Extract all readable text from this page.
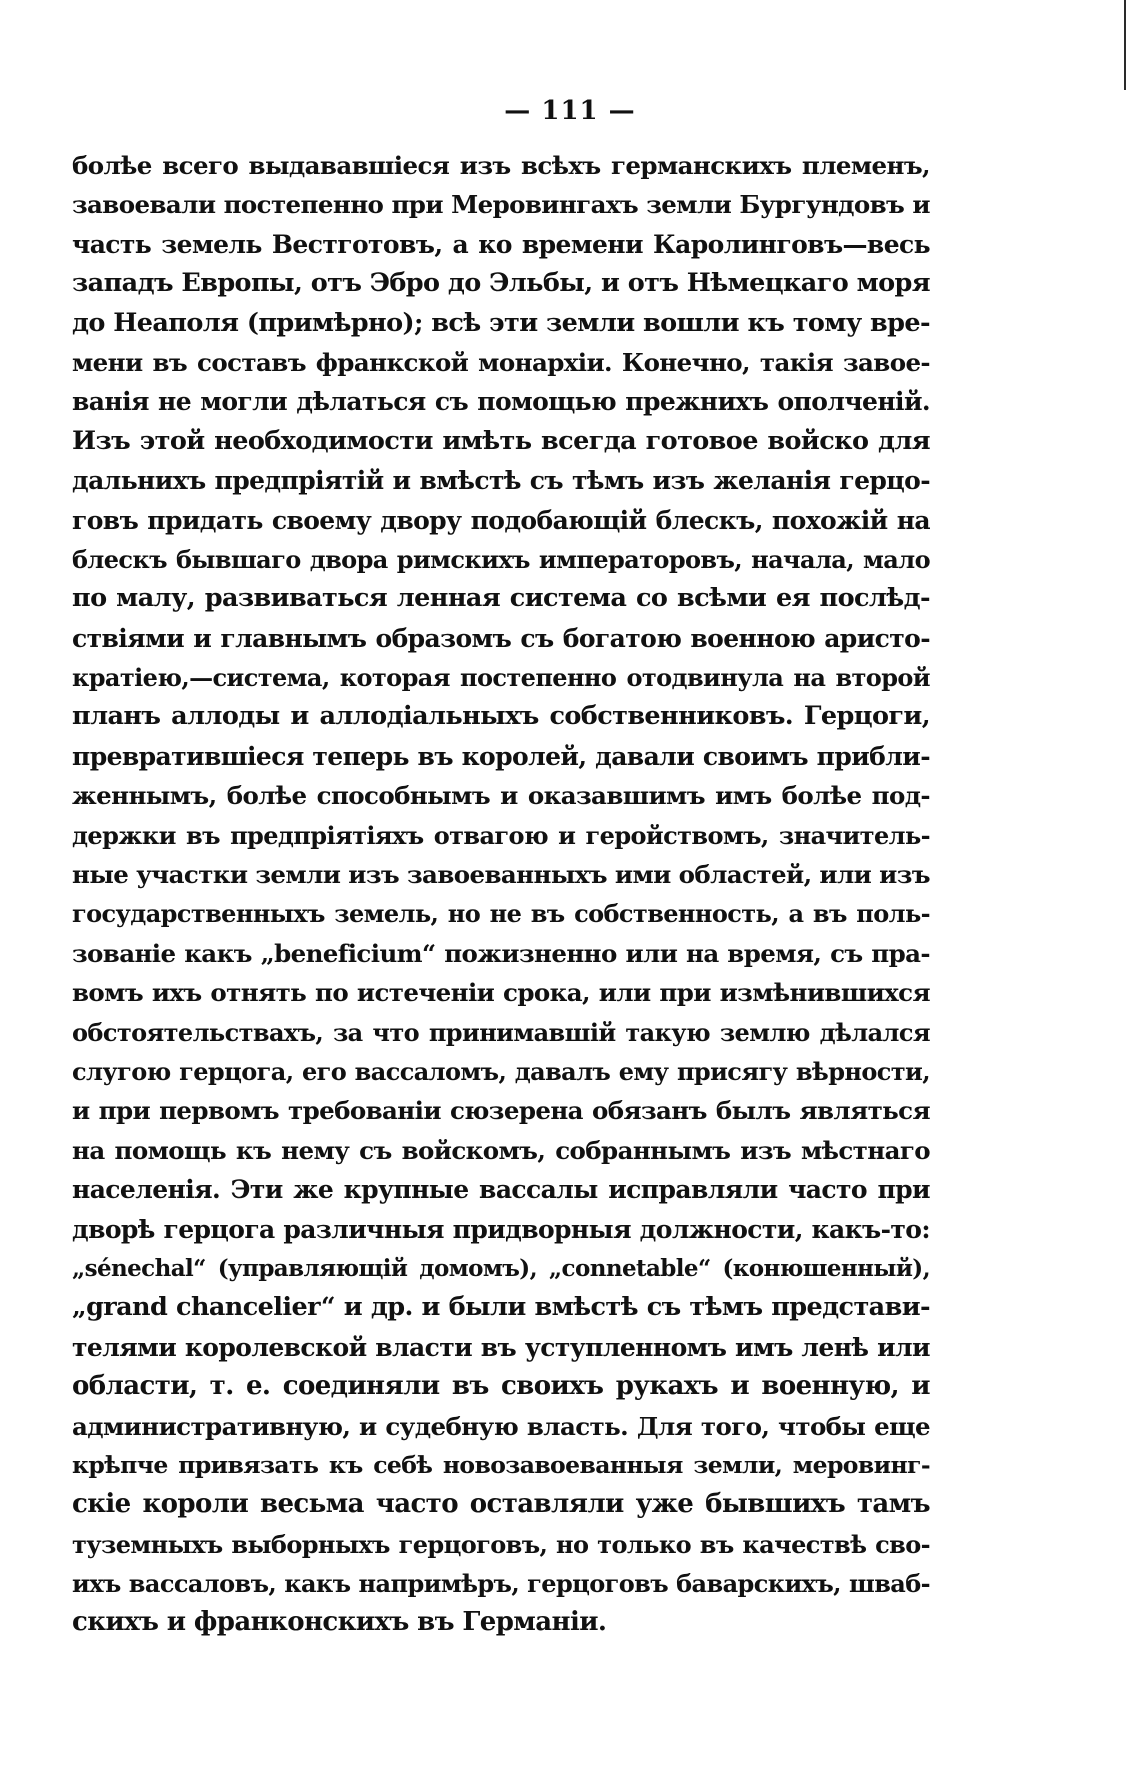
— 111 —
болѣе всего выдававшіеся изъ всѣхъ германскихъ племенъ,
завоевали постепенно при Меровингахъ земли Бургундовъ и
часть земель Вестготовъ, а ко времени Каролинговъ—весь
западъ Европы, отъ Эбро до Эльбы, и отъ Нѣмецкаго моря
до Неаполя (примѣрно); всѣ эти земли вошли къ тому вре-
мени въ составъ франкской монархіи. Конечно, такія завое-
ванія не могли дѣлаться съ помощью прежнихъ ополченій.
Изъ этой необходимости имѣть всегда готовое войско для
дальнихъ предпріятій и вмѣстѣ съ тѣмъ изъ желанія герцо-
говъ придать своему двору подобающій блескъ, похожій на
блескъ бывшаго двора римскихъ императоровъ, начала, мало
по малу, развиваться ленная система со всѣми ея послѣд-
ствіями и главнымъ образомъ съ богатою военною аристо-
кратіею,—система, которая постепенно отодвинула на второй
планъ аллоды и аллодіальныхъ собственниковъ. Герцоги,
превратившіеся теперь въ королей, давали своимъ прибли-
женнымъ, болѣе способнымъ и оказавшимъ имъ болѣе под-
держки въ предпріятіяхъ отвагою и геройствомъ, значитель-
ные участки земли изъ завоеванныхъ ими областей, или изъ
государственныхъ земель, но не въ собственность, а въ поль-
зованіе какъ „beneficium“ пожизненно или на время, съ пра-
вомъ ихъ отнять по истеченіи срока, или при измѣнившихся
обстоятельствахъ, за что принимавшій такую землю дѣлался
слугою герцога, его вассаломъ, давалъ ему присягу вѣрности,
и при первомъ требованіи сюзерена обязанъ былъ являться
на помощь къ нему съ войскомъ, собраннымъ изъ мѣстнаго
населенія. Эти же крупные вассалы исправляли часто при
дворѣ герцога различныя придворныя должности, какъ-то:
„sénechal“ (управляющій домомъ), „connetable“ (конюшенный),
„grand chancelier“ и др. и были вмѣстѣ съ тѣмъ представи-
телями королевской власти въ уступленномъ имъ ленѣ или
области, т. е. соединяли въ своихъ рукахъ и военную, и
административную, и судебную власть. Для того, чтобы еще
крѣпче привязать къ себѣ новозавоеванныя земли, меровинг-
скіе короли весьма часто оставляли уже бывшихъ тамъ
туземныхъ выборныхъ герцоговъ, но только въ качествѣ сво-
ихъ вассаловъ, какъ напримѣръ, герцоговъ баварскихъ, шваб-
скихъ и франконскихъ въ Германіи.
